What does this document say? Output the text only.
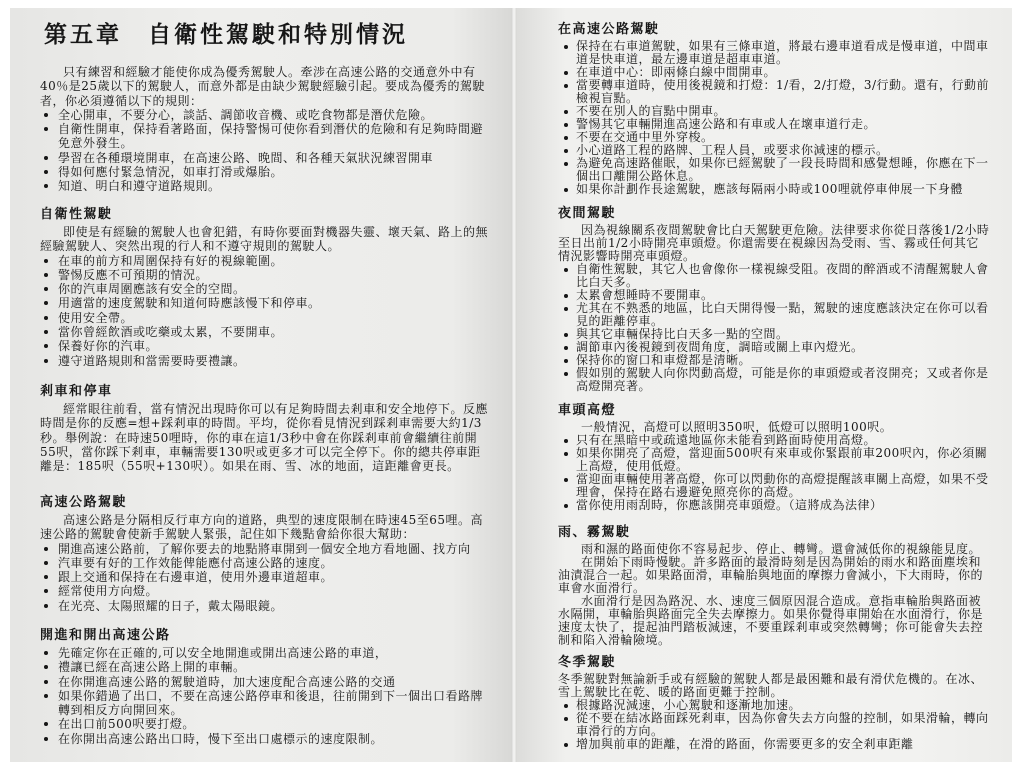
第五章　自衛性駕駛和特別情況

只有練習和經驗才能使你成為優秀駕駛人。牽涉在高速公路的交通意外中有40％是25歲以下的駕駛人，而意外都是由缺少駕駛經驗引起。要成為優秀的駕駛者，你必須遵循以下的規則：

全心開車，不要分心，談話、調節收音機、或吃食物都是潛伏危險。
自衛性開車，保持看著路面，保持警惕可使你看到潛伏的危險和有足夠時間避免意外發生。
學習在各種環境開車，在高速公路、晚間、和各種天氣狀況練習開車
得如何應付緊急情況，如車打滑或爆胎。
知道、明白和遵守道路規則。
自衛性駕駛

即使是有經驗的駕駛人也會犯錯，有時你要面對機器失靈、壞天氣、路上的無經驗駕駛人、突然出現的行人和不遵守規則的駕駛人。

在車的前方和周圍保持有好的視線範圍。
警惕反應不可預期的情況。
你的汽車周圍應該有安全的空間。
用適當的速度駕駛和知道何時應該慢下和停車。
使用安全帶。
當你曾經飲酒或吃藥或太累，不要開車。
保養好你的汽車。
遵守道路規則和當需要時要禮讓。
剎車和停車

經常眼往前看，當有情況出現時你可以有足夠時間去剎車和安全地停下。反應時間是你的反應=想+踩剎車的時間。平均，從你看見情況到踩剎車需要大約1/3秒。舉例說：在時速50哩時，你的車在這1/3秒中會在你踩剎車前會繼續往前開55呎，當你踩下剎車，車輛需要130呎或更多才可以完全停下。你的總共停車距離是：185呎（55呎+130呎）。如果在雨、雪、冰的地面，這距離會更長。

高速公路駕駛

高速公路是分隔相反行車方向的道路，典型的速度限制在時速45至65哩。高速公路的駕駛會使新手駕駛人緊張，記住如下幾點會給你很大幫助：

開進高速公路前，了解你要去的地點將車開到一個安全地方看地圖、找方向
汽車要有好的工作效能俾能應付高速公路的速度。
跟上交通和保持在右邊車道，使用外邊車道超車。
經常使用方向燈。
在光亮、太陽照耀的日子，戴太陽眼鏡。
開進和開出高速公路
先確定你在正確的,可以安全地開進或開出高速公路的車道，
禮讓已經在高速公路上開的車輛。
在你開進高速公路的駕駛道時，加大速度配合高速公路的交通
如果你錯過了出口，不要在高速公路停車和後退，往前開到下一個出口看路牌轉到相反方向開回來。
在出口前500呎要打燈。
在你開出高速公路出口時，慢下至出口處標示的速度限制。
在高速公路駕駛
保持在右車道駕駛，如果有三條車道，將最右邊車道看成是慢車道，中間車道是快車道，最左邊車道是超車車道。
在車道中心：即兩條白線中間開車。
當要轉車道時，使用後視鏡和打燈：1/看，2/打燈，3/行動。還有，行動前檢視盲點。
不要在別人的盲點中開車。
警惕其它車輛開進高速公路和有車或人在壞車道行走。
不要在交通中里外穿梭。
小心道路工程的路牌、工程人員，或要求你減速的標示。
為避免高速路催眠，如果你已經駕駛了一段長時間和感覺想睡，你應在下一個出口離開公路休息。
如果你計劃作長途駕駛，應該每隔兩小時或100哩就停車伸展一下身體
夜間駕駛

因為視線關系夜間駕駛會比白天駕駛更危險。法律要求你從日落後1/2小時至日出前1/2小時開亮車頭燈。你還需要在視線因為受雨、雪、霧或任何其它情況影響時開亮車頭燈。

自衛性駕駛，其它人也會像你一樣視線受阻。夜間的醉酒或不清醒駕駛人會比白天多。
太累會想睡時不要開車。
尤其在不熟悉的地區，比白天開得慢一點，駕駛的速度應該決定在你可以看見的距離停車。
與其它車輛保持比白天多一點的空間。
調節車內後視鏡到夜間角度，調暗或關上車內燈光。
保持你的窗口和車燈都是清晰。
假如別的駕駛人向你閃動高燈，可能是你的車頭燈或者沒開亮；又或者你是高燈開亮著。
車頭高燈

一般情況，高燈可以照明350呎，低燈可以照明100呎。

只有在黑暗中或疏遠地區你未能看到路面時使用高燈。
如果你開亮了高燈，當迎面500呎有來車或你緊跟前車200呎內，你必須關上高燈，使用低燈。
當迎面車輛使用著高燈，你可以閃動你的高燈提醒該車關上高燈，如果不受理會，保持在路右邊避免照亮你的高燈。
當你使用雨刮時，你應該開亮車頭燈。（這將成為法律）
雨、霧駕駛

雨和濕的路面使你不容易起步、停止、轉彎。還會減低你的視線能見度。

在開始下雨時慢駛。許多路面的最滑時刻是因為開始的雨水和路面塵埃和油漬混合一起。如果路面滑，車輪胎與地面的摩擦力會減小，下大雨時，你的車會水面滑行。

水面滑行是因為路況、水、速度三個原因混合造成。意指車輪胎與路面被水隔開，車輪胎與路面完全失去摩擦力。如果你覺得車開始在水面滑行，你是速度太快了，提起油門踏板減速，不要重踩剎車或突然轉彎；你可能會失去控制和陷入滑輪險境。

冬季駕駛

冬季駕駛對無論新手或有經驗的駕駛人都是最困難和最有滑伏危機的。在冰、雪上駕駛比在乾、暖的路面更難于控制。

根據路況減速，小心駕駛和逐漸地加速。
從不要在結冰路面踩死剎車，因為你會失去方向盤的控制，如果滑輪，轉向車滑行的方向。
增加與前車的距離，在滑的路面，你需要更多的安全剎車距離
